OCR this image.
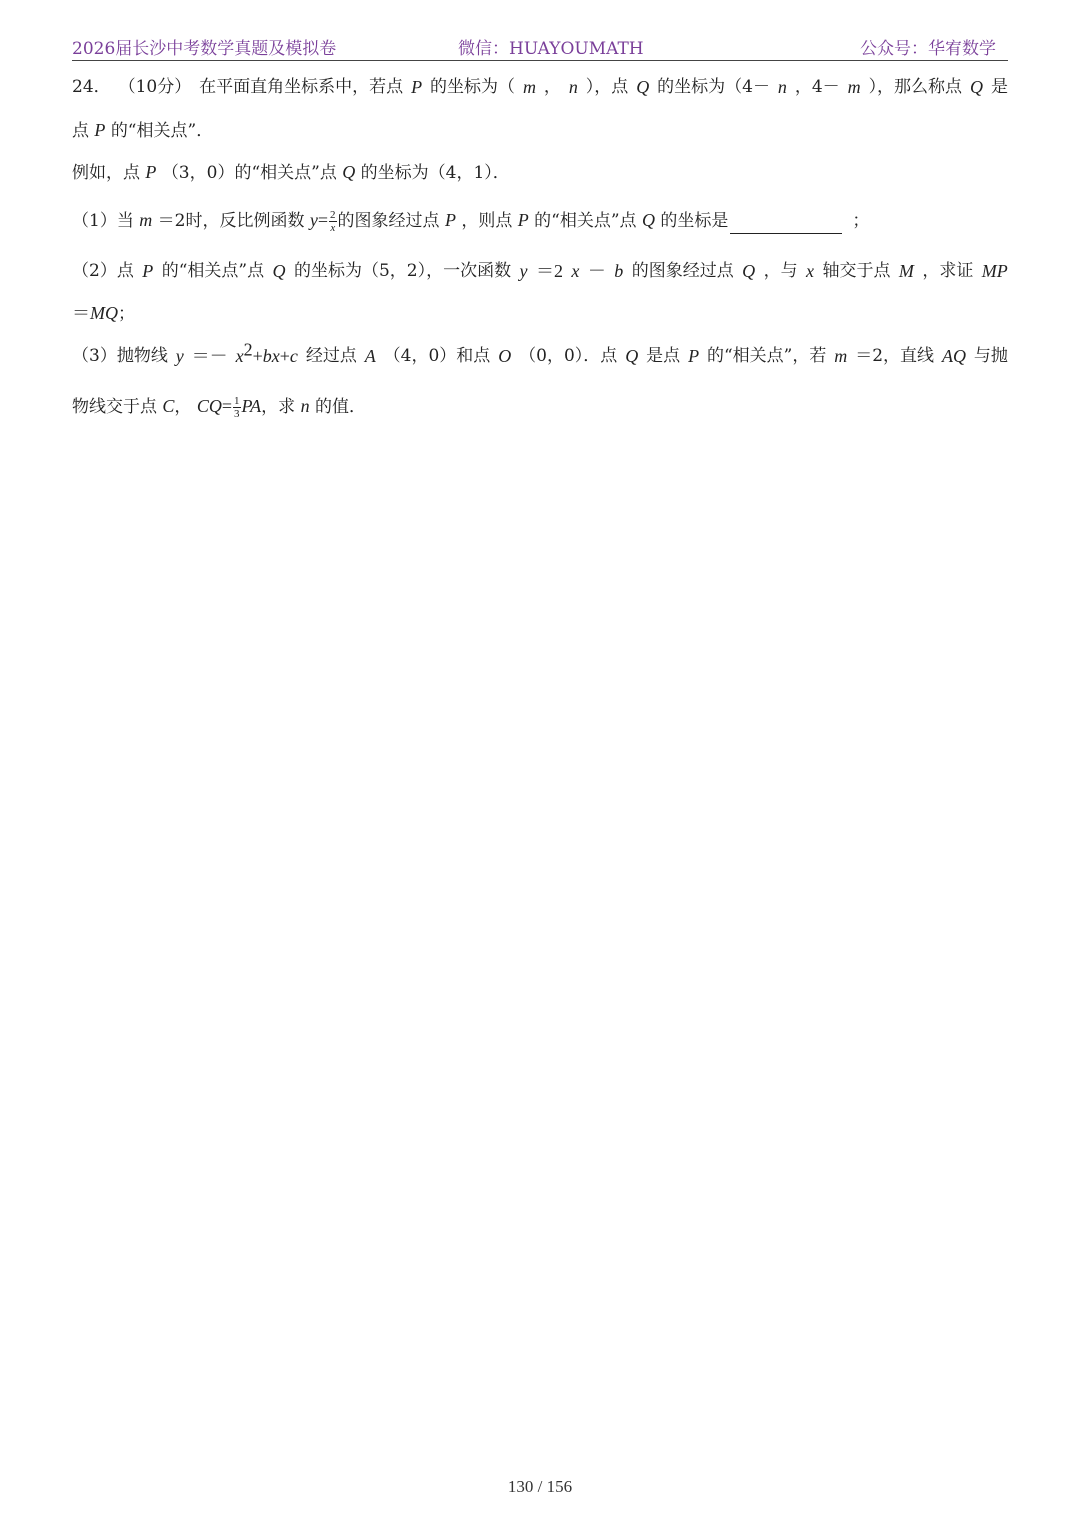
2026届长沙中考数学真题及模拟卷	微信：HUAYOUMATH	公众号：华宥数学
24． （10分） 在平面直角坐标系中，若点 P 的坐标为（ m ， n ），点 Q 的坐标为（4－ n ，4－ m ），那么称点 Q 是
点 P 的“相关点”．
例如，点 P （3，0）的“相关点”点 Q 的坐标为（4，1）．
（1）当 m ＝2时，反比例函数 $y= \frac{2}{x}$ 的图象经过点 P ，则点 P 的“相关点”点 Q 的坐标是	；
（2）点 P 的“相关点”点 Q 的坐标为（5，2），一次函数 y ＝2 x － b 的图象经过点 Q ，与 x 轴交于点 M ，求证 MP
＝MQ；
（3）抛物线 $y =- x^2+bx+c$ 经过点 A （4，0）和点 O （0，0）．点 Q 是点 P 的“相关点”，若 m ＝2，直线 AQ 与抛
物线交于点 C， $CQ= \frac{1}{3}$ PA，求 n 的值．
130 / 156
